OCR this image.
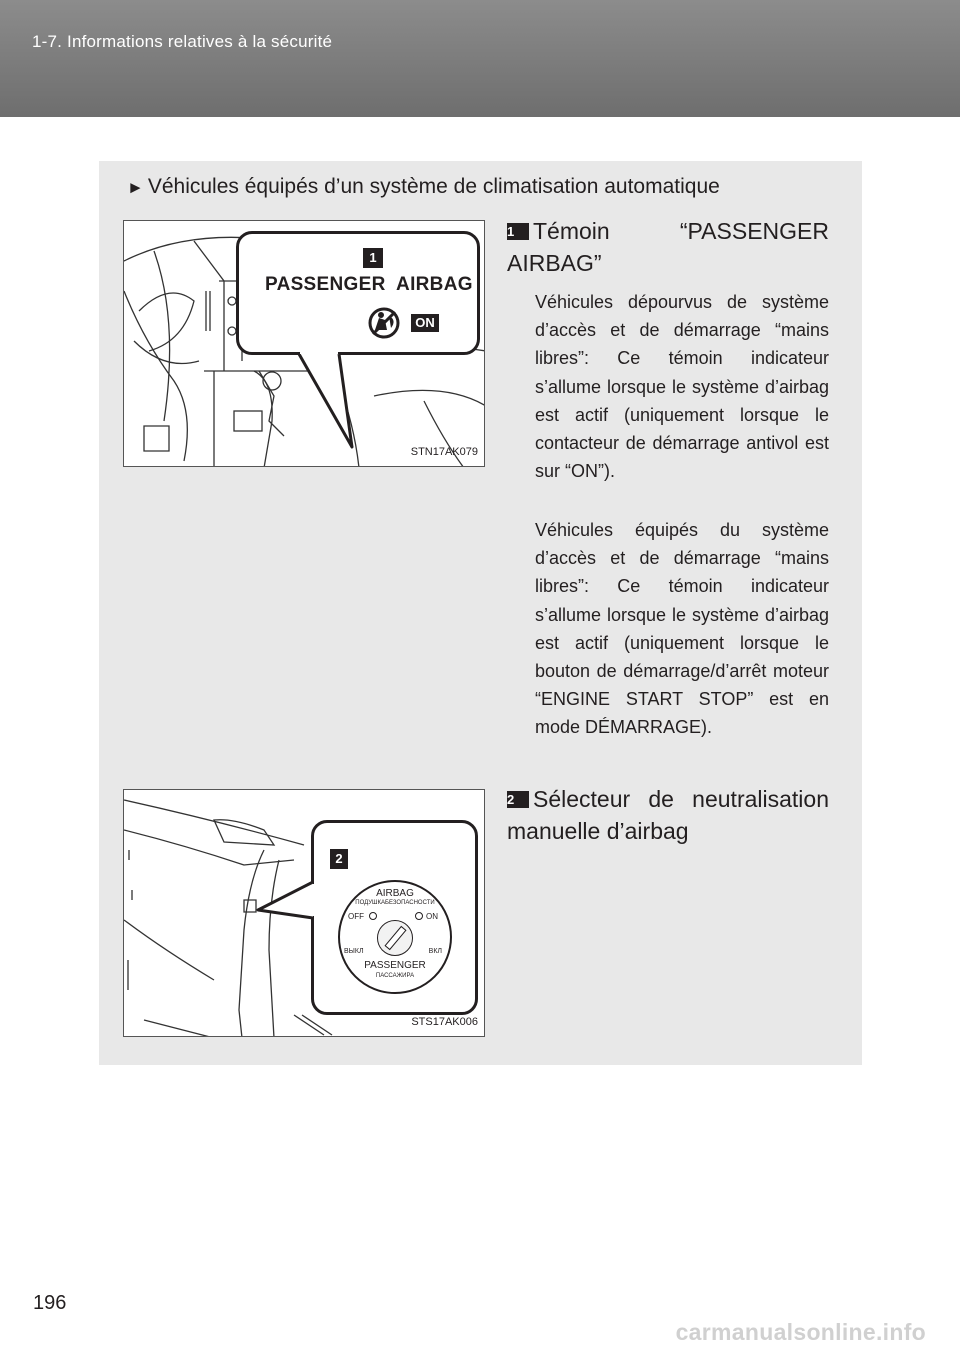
1-7. Informations relatives à la sécurité
► Véhicules équipés d’un système de climatisation automatique
1
PASSENGER  AIRBAG
ON
STN17AK079
1 Témoin “PASSENGER AIRBAG”
Véhicules dépourvus de système d’accès et de démarrage “mains libres”: Ce témoin indicateur s’allume lorsque le système d’airbag est actif (uniquement lorsque le contacteur de démarrage antivol est sur “ON”).
Véhicules équipés du système d’accès et de démarrage “mains libres”: Ce témoin indicateur s’allume lorsque le système d’airbag est actif (uniquement lorsque le bouton de démarrage/d’arrêt moteur “ENGINE START STOP” est en mode DÉMARRAGE).
2
AIRBAG
ПОДУШКАБЕЗОПАСНОСТИ
OFF	ON
ВЫКЛ	ВКЛ
PASSENGER
ПАССАЖИРА
STS17AK006
2 Sélecteur de neutralisation manuelle d’airbag
196
carmanualsonline.info
